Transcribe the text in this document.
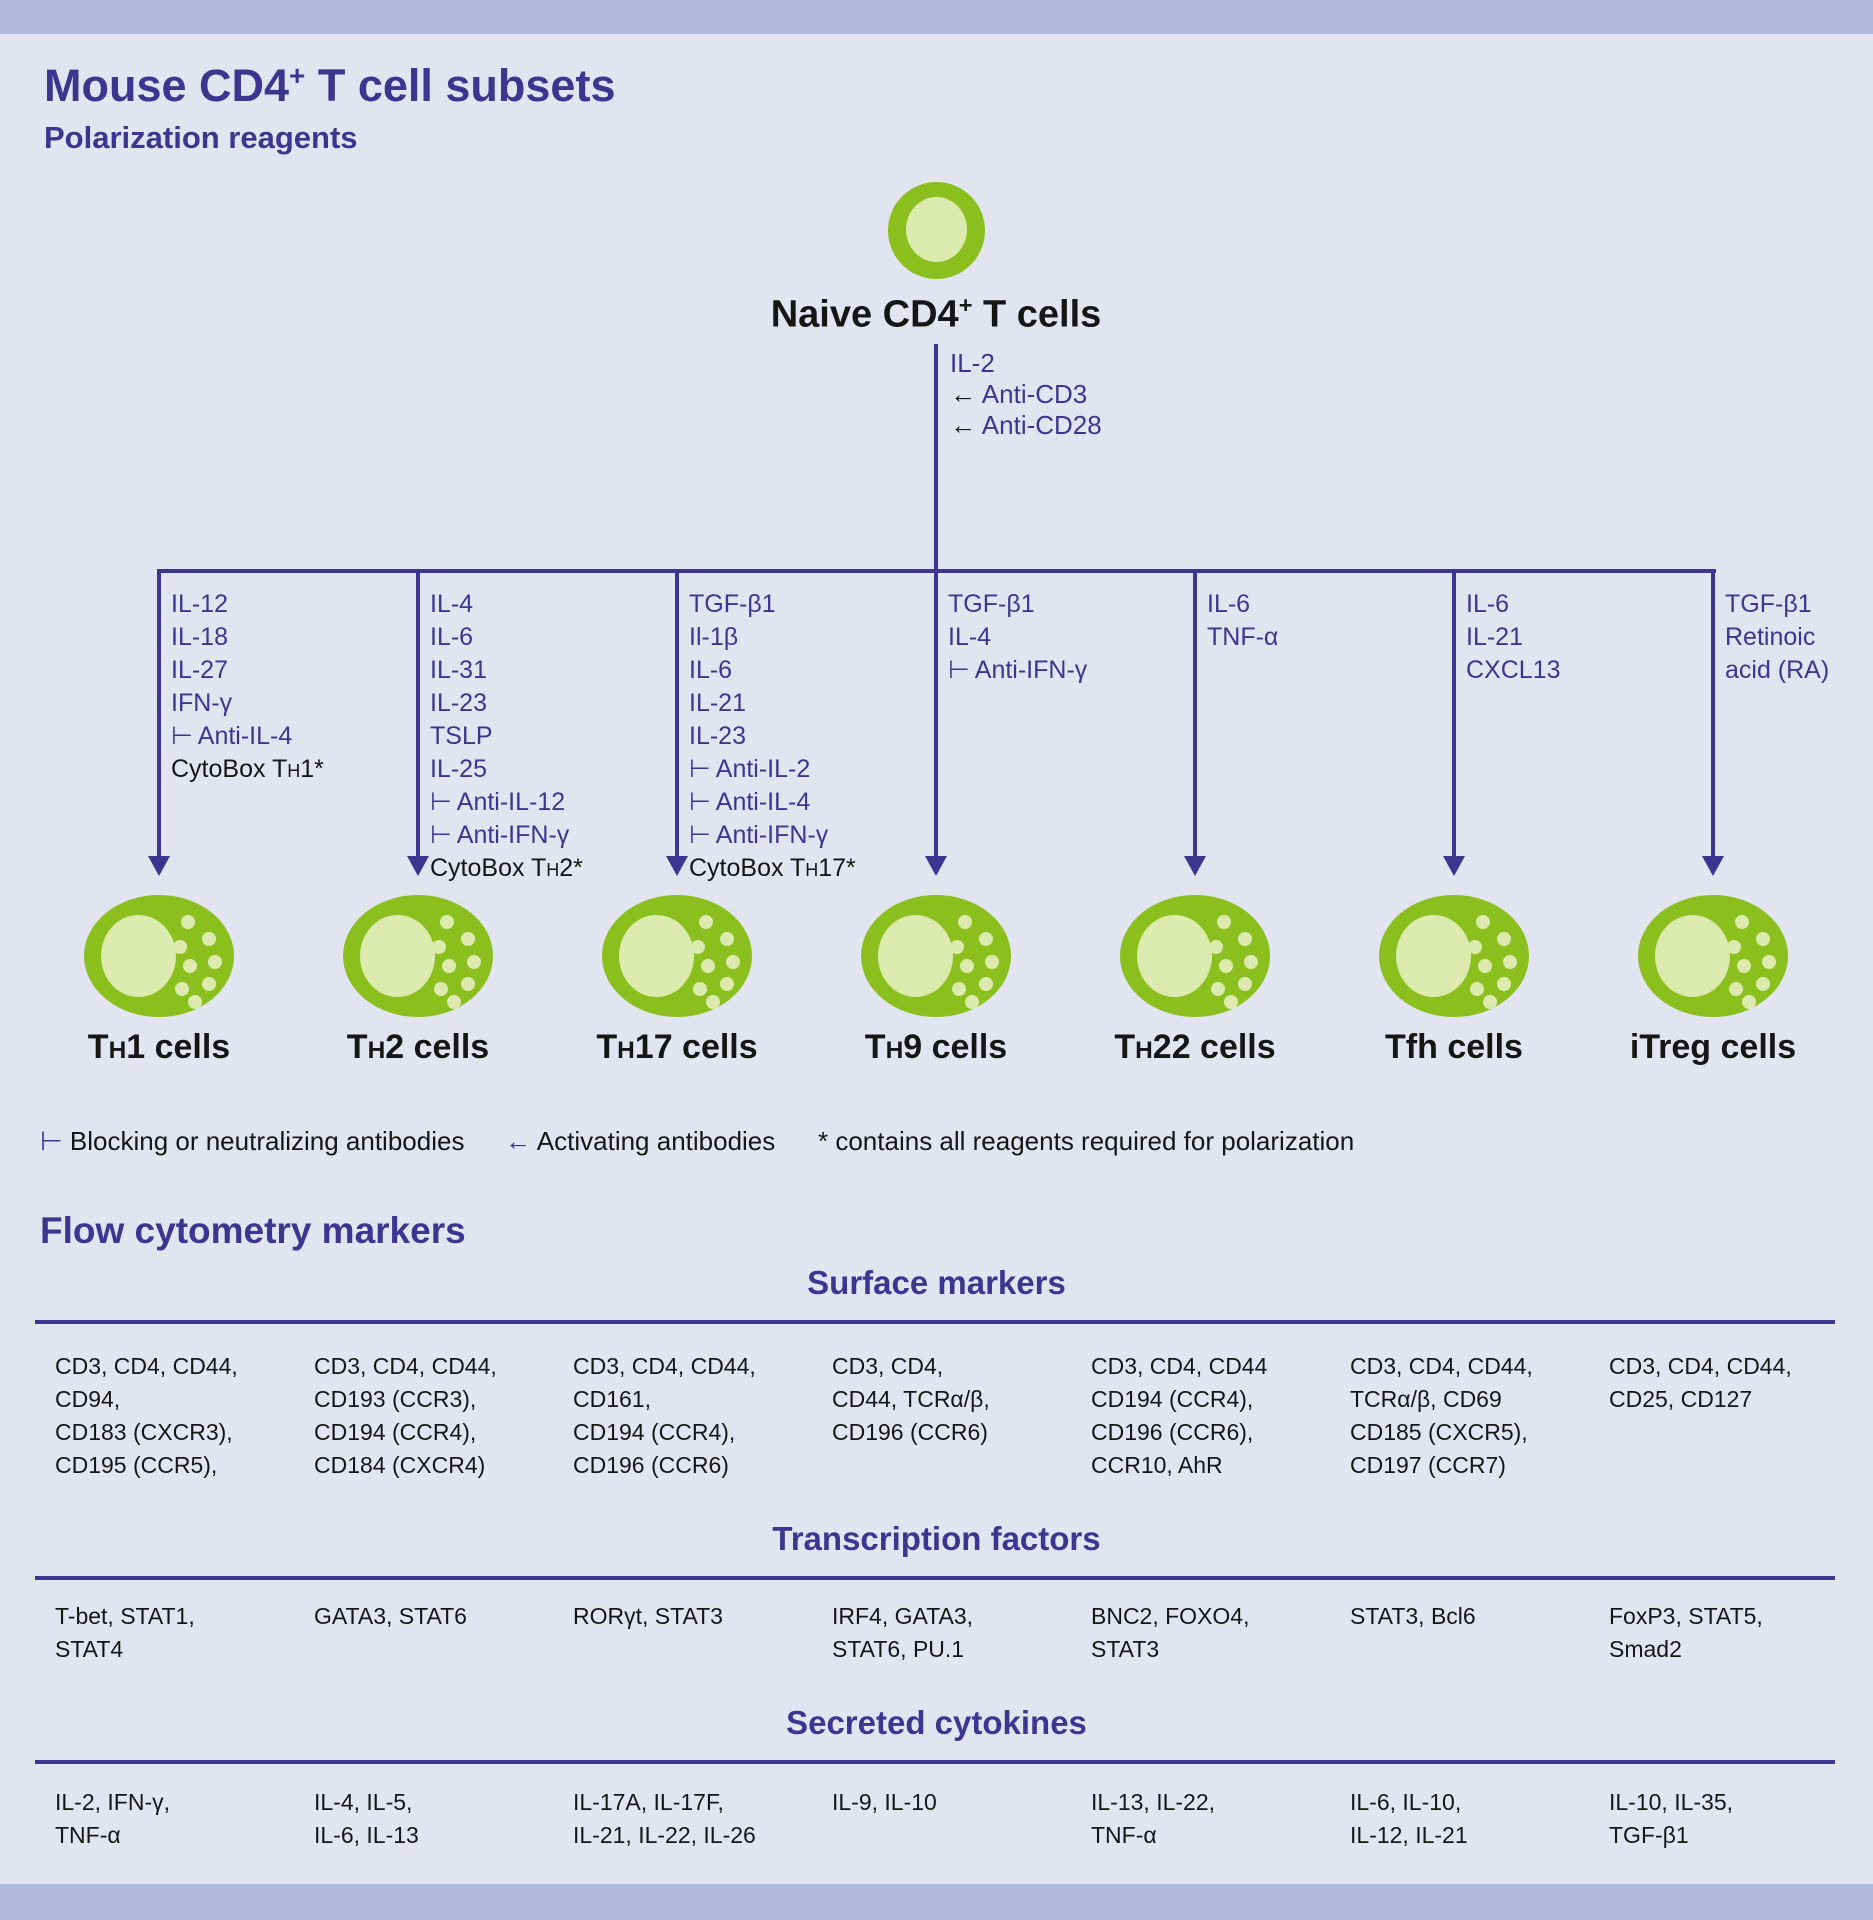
Mouse CD4+ T cell subsets
Polarization reagents
Naive CD4+ T cells
IL-2
← Anti-CD3
← Anti-CD28
IL-12
IL-18
IL-27
IFN-γ
⊢ Anti-IL-4
CytoBox TH1*
TH1 cells
CD3, CD4, CD44,
CD94,
CD183 (CXCR3),
CD195 (CCR5),
T-bet, STAT1,
STAT4
IL-2, IFN-γ,
TNF-α
IL-4
IL-6
IL-31
IL-23
TSLP
IL-25
⊢ Anti-IL-12
⊢ Anti-IFN-γ
CytoBox TH2*
TH2 cells
CD3, CD4, CD44,
CD193 (CCR3),
CD194 (CCR4),
CD184 (CXCR4)
GATA3, STAT6
IL-4, IL-5,
IL-6, IL-13
TGF-β1
Il-1β
IL-6
IL-21
IL-23
⊢ Anti-IL-2
⊢ Anti-IL-4
⊢ Anti-IFN-γ
CytoBox TH17*
TH17 cells
CD3, CD4, CD44,
CD161,
CD194 (CCR4),
CD196 (CCR6)
RORγt, STAT3
IL-17A, IL-17F,
IL-21, IL-22, IL-26
TGF-β1
IL-4
⊢ Anti-IFN-γ
TH9 cells
CD3, CD4,
CD44, TCRα/β,
CD196 (CCR6)
IRF4, GATA3,
STAT6, PU.1
IL-9, IL-10
IL-6
TNF-α
TH22 cells
CD3, CD4, CD44
CD194 (CCR4),
CD196 (CCR6),
CCR10, AhR
BNC2, FOXO4,
STAT3
IL-13, IL-22,
TNF-α
IL-6
IL-21
CXCL13
Tfh cells
CD3, CD4, CD44,
TCRα/β, CD69
CD185 (CXCR5),
CD197 (CCR7)
STAT3, Bcl6
IL-6, IL-10,
IL-12, IL-21
TGF-β1
Retinoic
acid (RA)
iTreg cells
CD3, CD4, CD44,
CD25, CD127
FoxP3, STAT5,
Smad2
IL-10, IL-35,
TGF-β1
⊢ Blocking or neutralizing antibodies ← Activating antibodies * contains all reagents required for polarization
Flow cytometry markers
Surface markers
Transcription factors
Secreted cytokines
